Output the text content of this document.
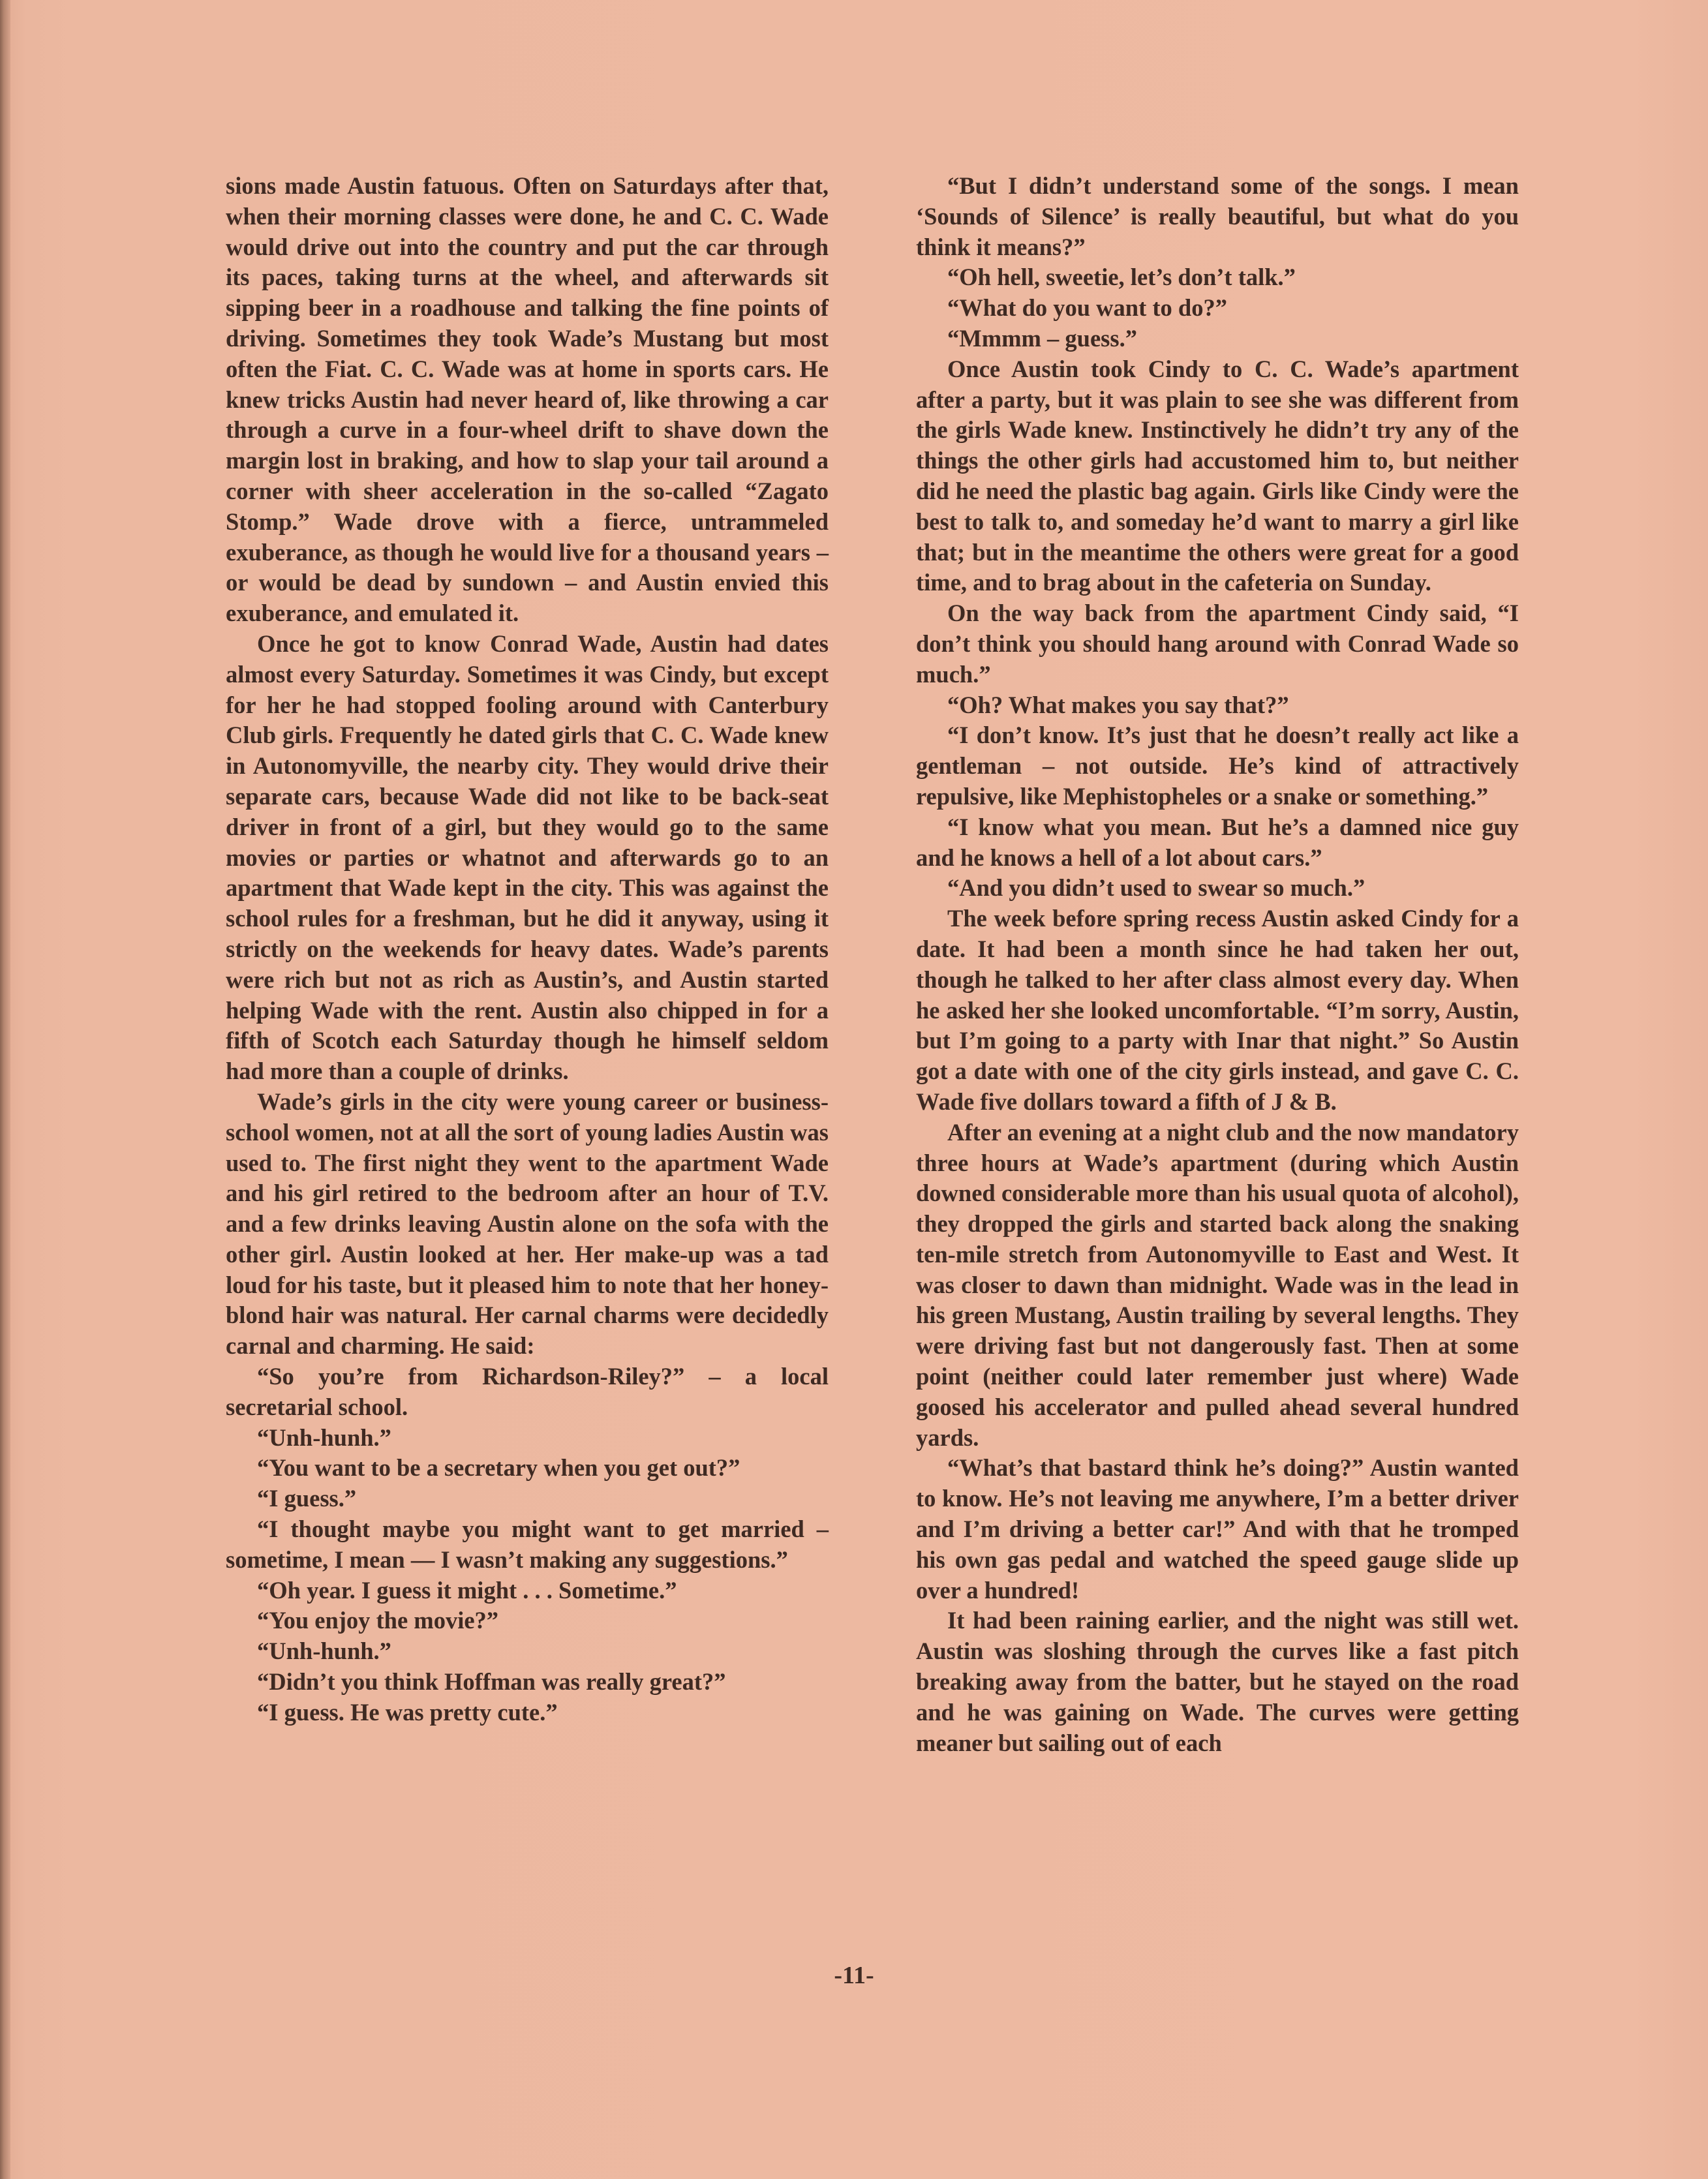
sions made Austin fatuous. Often on Saturdays after that, when their morning classes were done, he and C. C. Wade would drive out into the country and put the car through its paces, taking turns at the wheel, and afterwards sit sipping beer in a roadhouse and talking the fine points of driving. Sometimes they took Wade’s Mustang but most often the Fiat. C. C. Wade was at home in sports cars. He knew tricks Austin had never heard of, like throwing a car through a curve in a four-wheel drift to shave down the margin lost in braking, and how to slap your tail around a corner with sheer acceleration in the so-called “Zagato Stomp.” Wade drove with a fierce, untrammeled exuberance, as though he would live for a thousand years – or would be dead by sundown – and Austin envied this exuberance, and emulated it.

Once he got to know Conrad Wade, Austin had dates almost every Saturday. Sometimes it was Cindy, but except for her he had stopped fooling around with Canterbury Club girls. Frequently he dated girls that C. C. Wade knew in Autonomyville, the nearby city. They would drive their separate cars, because Wade did not like to be back-seat driver in front of a girl, but they would go to the same movies or parties or whatnot and afterwards go to an apartment that Wade kept in the city. This was against the school rules for a freshman, but he did it anyway, using it strictly on the weekends for heavy dates. Wade’s parents were rich but not as rich as Austin’s, and Austin started helping Wade with the rent. Austin also chipped in for a fifth of Scotch each Saturday though he himself seldom had more than a couple of drinks.

Wade’s girls in the city were young career or business-school women, not at all the sort of young ladies Austin was used to. The first night they went to the apartment Wade and his girl retired to the bedroom after an hour of T.V. and a few drinks leaving Austin alone on the sofa with the other girl. Austin looked at her. Her make-up was a tad loud for his taste, but it pleased him to note that her honey-blond hair was natural. Her carnal charms were decidedly carnal and charming. He said:

“So you’re from Richardson-Riley?” – a local secretarial school.

“Unh-hunh.”

“You want to be a secretary when you get out?”

“I guess.”

“I thought maybe you might want to get married – sometime, I mean –– I wasn’t making any suggestions.”

“Oh year. I guess it might . . . Sometime.”

“You enjoy the movie?”

“Unh-hunh.”

“Didn’t you think Hoffman was really great?”

“I guess. He was pretty cute.”

“But I didn’t understand some of the songs. I mean ‘Sounds of Silence’ is really beautiful, but what do you think it means?”

“Oh hell, sweetie, let’s don’t talk.”

“What do you want to do?”

“Mmmm – guess.”

Once Austin took Cindy to C. C. Wade’s apartment after a party, but it was plain to see she was different from the girls Wade knew. Instinctively he didn’t try any of the things the other girls had accustomed him to, but neither did he need the plastic bag again. Girls like Cindy were the best to talk to, and someday he’d want to marry a girl like that; but in the meantime the others were great for a good time, and to brag about in the cafeteria on Sunday.

On the way back from the apartment Cindy said, “I don’t think you should hang around with Conrad Wade so much.”

“Oh? What makes you say that?”

“I don’t know. It’s just that he doesn’t really act like a gentleman – not outside. He’s kind of attractively repulsive, like Mephistopheles or a snake or something.”

“I know what you mean. But he’s a damned nice guy and he knows a hell of a lot about cars.”

“And you didn’t used to swear so much.”

The week before spring recess Austin asked Cindy for a date. It had been a month since he had taken her out, though he talked to her after class almost every day. When he asked her she looked uncomfortable. “I’m sorry, Austin, but I’m going to a party with Inar that night.” So Austin got a date with one of the city girls instead, and gave C. C. Wade five dollars toward a fifth of J & B.

After an evening at a night club and the now mandatory three hours at Wade’s apartment (during which Austin downed considerable more than his usual quota of alcohol), they dropped the girls and started back along the snaking ten-mile stretch from Autonomyville to East and West. It was closer to dawn than midnight. Wade was in the lead in his green Mustang, Austin trailing by several lengths. They were driving fast but not dangerously fast. Then at some point (neither could later remember just where) Wade goosed his accelerator and pulled ahead several hundred yards.

“What’s that bastard think he’s doing?” Austin wanted to know. He’s not leaving me anywhere, I’m a better driver and I’m driving a better car!” And with that he tromped his own gas pedal and watched the speed gauge slide up over a hundred!

It had been raining earlier, and the night was still wet. Austin was sloshing through the curves like a fast pitch breaking away from the batter, but he stayed on the road and he was gaining on Wade. The curves were getting meaner but sailing out of each

-11-
